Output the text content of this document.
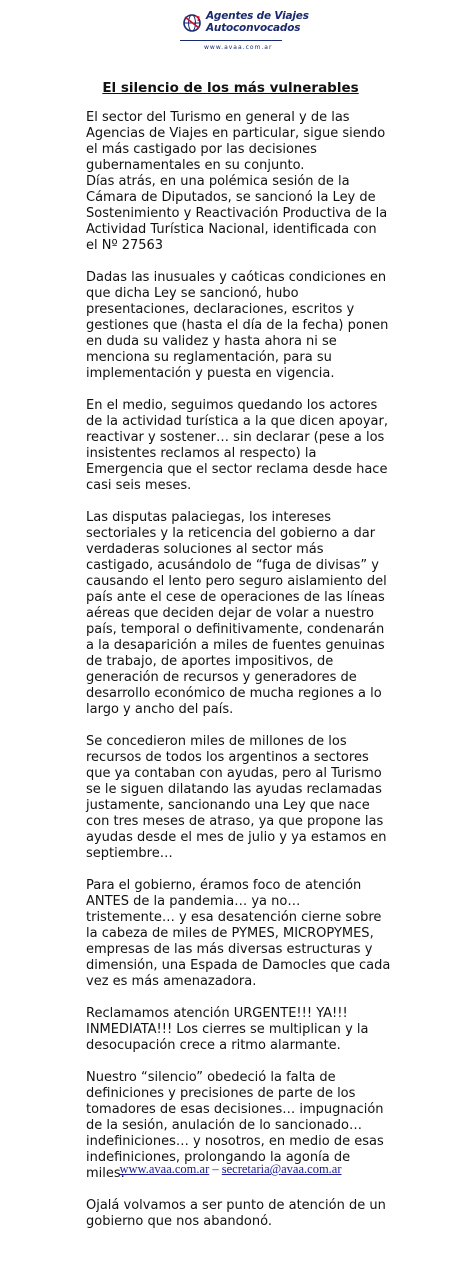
Agentes de Viajes
Autoconvocados
www.avaa.com.ar
El silencio de los más vulnerables

El sector del Turismo en general y de las Agencias de Viajes en particular, sigue siendo el más castigado por las decisiones gubernamentales en su conjunto.
Días atrás, en una polémica sesión de la Cámara de Diputados, se sancionó la Ley de Sostenimiento y Reactivación Productiva de la Actividad Turística Nacional, identificada con el Nº 27563

Dadas las inusuales y caóticas condiciones en que dicha Ley se sancionó, hubo presentaciones, declaraciones, escritos y gestiones que (hasta el día de la fecha) ponen en duda su validez y hasta ahora ni se menciona su reglamentación, para su implementación y puesta en vigencia.

En el medio, seguimos quedando los actores de la actividad turística a la que dicen apoyar, reactivar y sostener… sin declarar (pese a los insistentes reclamos al respecto) la Emergencia que el sector reclama desde hace casi seis meses.

Las disputas palaciegas, los intereses sectoriales y la reticencia del gobierno a dar verdaderas soluciones al sector más castigado, acusándolo de “fuga de divisas” y causando el lento pero seguro aislamiento del país ante el cese de operaciones de las líneas aéreas que deciden dejar de volar a nuestro país, temporal o definitivamente, condenarán a la desaparición a miles de fuentes genuinas de trabajo, de aportes impositivos, de generación de recursos y generadores de desarrollo económico de mucha regiones a lo largo y ancho del país.

Se concedieron miles de millones de los recursos de todos los argentinos a sectores que ya contaban con ayudas, pero al Turismo se le siguen dilatando las ayudas reclamadas justamente, sancionando una Ley que nace con tres meses de atraso, ya que propone las ayudas desde el mes de julio y ya estamos en septiembre…

Para el gobierno, éramos foco de atención ANTES de la pandemia… ya no… tristemente… y esa desatención cierne sobre la cabeza de miles de PYMES, MICROPYMES, empresas de las más diversas estructuras y dimensión, una Espada de Damocles que cada vez es más amenazadora.

Reclamamos atención URGENTE!!! YA!!! INMEDIATA!!! Los cierres se multiplican y la desocupación crece a ritmo alarmante.

Nuestro “silencio” obedeció la falta de definiciones y precisiones de parte de los tomadores de esas decisiones… impugnación de la sesión, anulación de lo sancionado… indefiniciones… y nosotros, en medio de esas indefiniciones, prolongando la agonía de miles.

Ojalá volvamos a ser punto de atención de un gobierno que nos abandonó.

www.avaa.com.ar – secretaria@avaa.com.ar
